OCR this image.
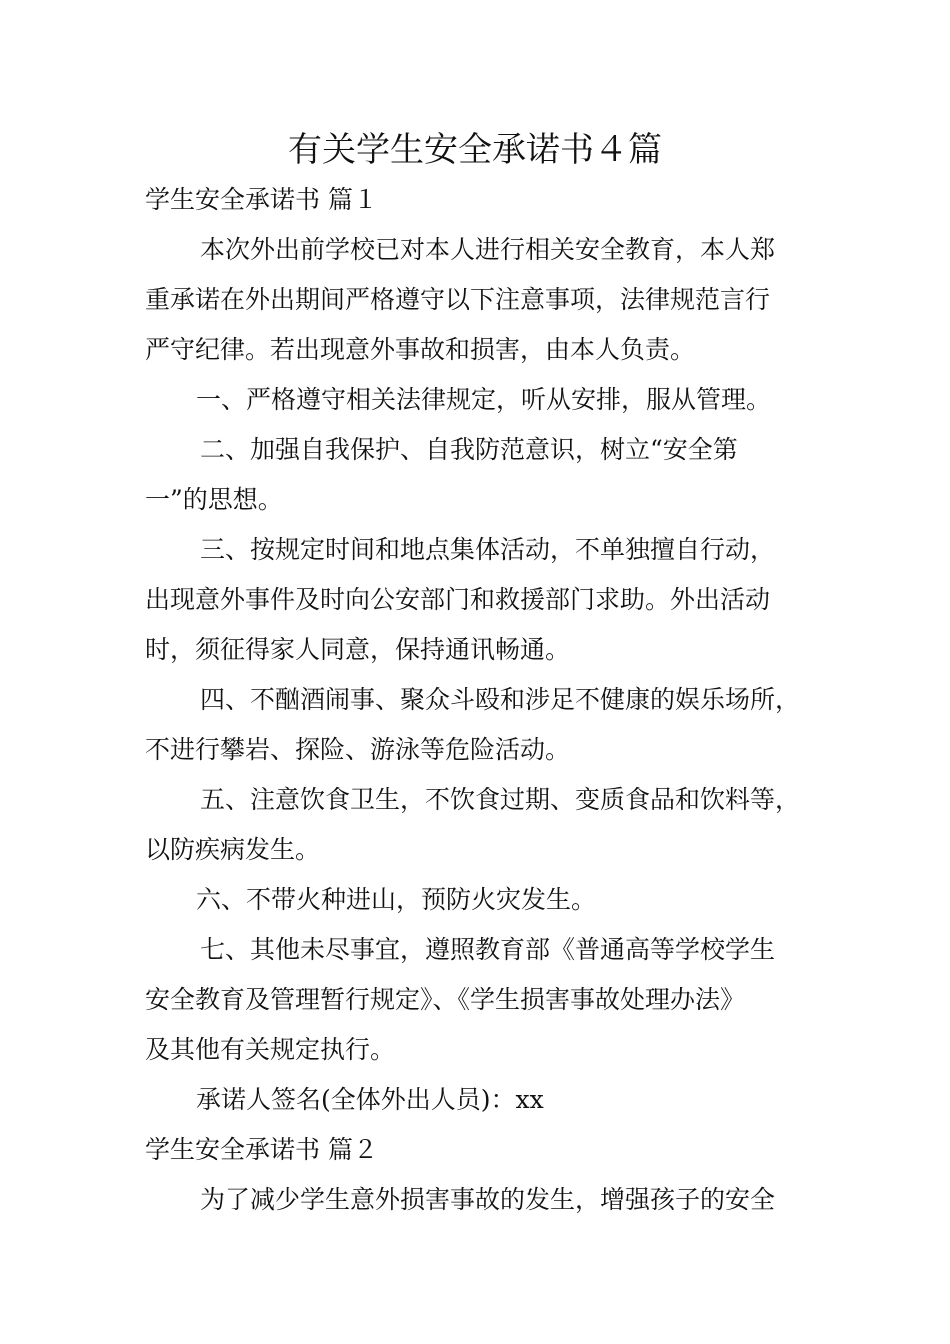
有关学生安全承诺书４篇
学生安全承诺书 篇１
本次外出前学校已对本人进行相关安全教育，本人郑
重承诺在外出期间严格遵守以下注意事项，法律规范言行
严守纪律。若出现意外事故和损害，由本人负责。
一、严格遵守相关法律规定，听从安排，服从管理。
二、加强自我保护、自我防范意识，树立“安全第
一”的思想。
三、按规定时间和地点集体活动，不单独擅自行动，
出现意外事件及时向公安部门和救援部门求助。外出活动
时，须征得家人同意，保持通讯畅通。
四、不酗酒闹事、聚众斗殴和涉足不健康的娱乐场所，
不进行攀岩、探险、游泳等危险活动。
五、注意饮食卫生，不饮食过期、变质食品和饮料等，
以防疾病发生。
六、不带火种进山，预防火灾发生。
七、其他未尽事宜，遵照教育部《普通高等学校学生
安全教育及管理暂行规定》、《学生损害事故处理办法》
及其他有关规定执行。
承诺人签名(全体外出人员)：xx
学生安全承诺书 篇２
为了减少学生意外损害事故的发生，增强孩子的安全
